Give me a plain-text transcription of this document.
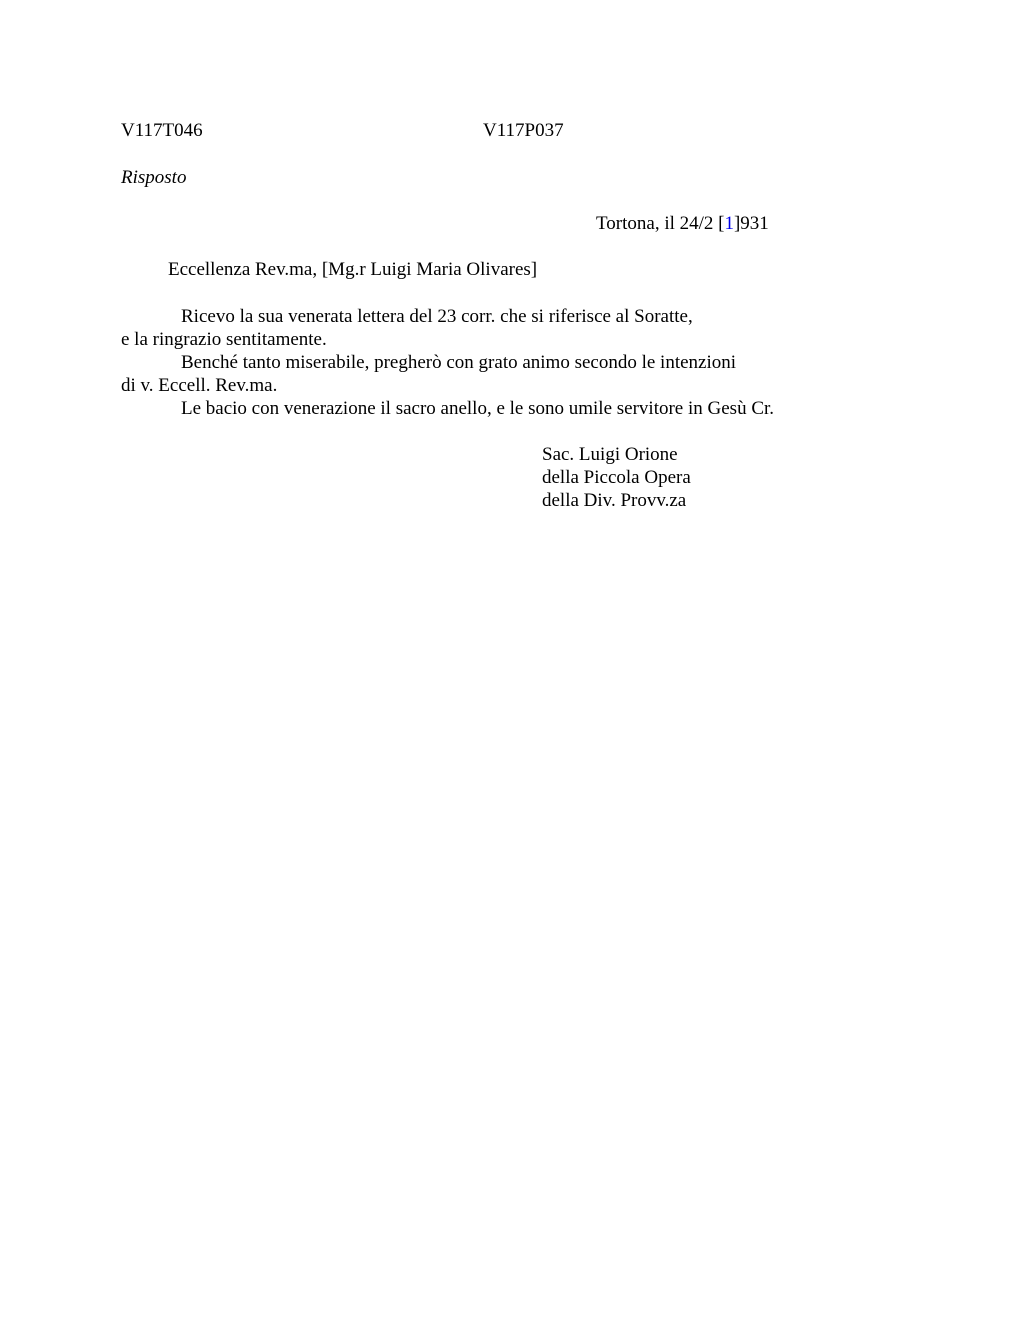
V117T046	V117P037

Risposto

Tortona, il 24/2 [1]931

Eccellenza Rev.ma, [Mg.r Luigi Maria Olivares]

Ricevo la sua venerata lettera del 23 corr. che si riferisce al Soratte,

e la ringrazio sentitamente.

Benché tanto miserabile, pregherò con grato animo secondo le intenzioni

di v. Eccell. Rev.ma.

Le bacio con venerazione il sacro anello, e le sono umile servitore in Gesù Cr.

Sac. Luigi Orione

della Piccola Opera

della Div. Provv.za
